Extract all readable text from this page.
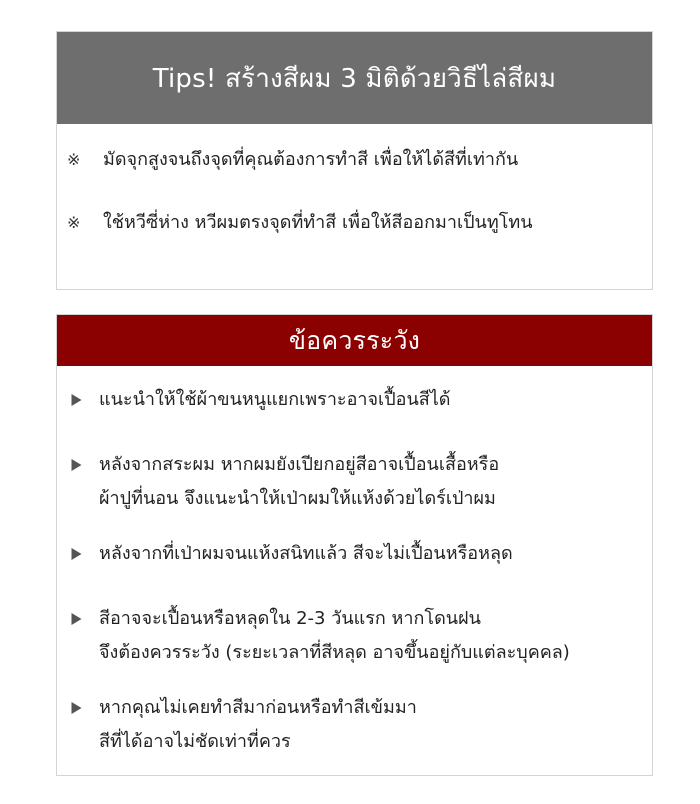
Tips! สร้างสีผม 3 มิติด้วยวิธีไล่สีผม
※	มัดจุกสูงจนถึงจุดที่คุณต้องการทำสี เพื่อให้ได้สีที่เท่ากัน
※	ใช้หวีซี่ห่าง หวีผมตรงจุดที่ทำสี เพื่อให้สีออกมาเป็นทูโทน
ข้อควรระวัง
แนะนำให้ใช้ผ้าขนหนูแยกเพราะอาจเปื้อนสีได้
หลังจากสระผม หากผมยังเปียกอยู่สีอาจเปื้อนเสื้อหรือ
ผ้าปูที่นอน จึงแนะนำให้เป่าผมให้แห้งด้วยไดร์เป่าผม
หลังจากที่เป่าผมจนแห้งสนิทแล้ว สีจะไม่เปื้อนหรือหลุด
สีอาจจะเปื้อนหรือหลุดใน 2-3 วันแรก หากโดนฝน
จึงต้องควรระวัง (ระยะเวลาที่สีหลุด อาจขึ้นอยู่กับแต่ละบุคคล)
หากคุณไม่เคยทำสีมาก่อนหรือทำสีเข้มมา
สีที่ได้อาจไม่ชัดเท่าที่ควร
